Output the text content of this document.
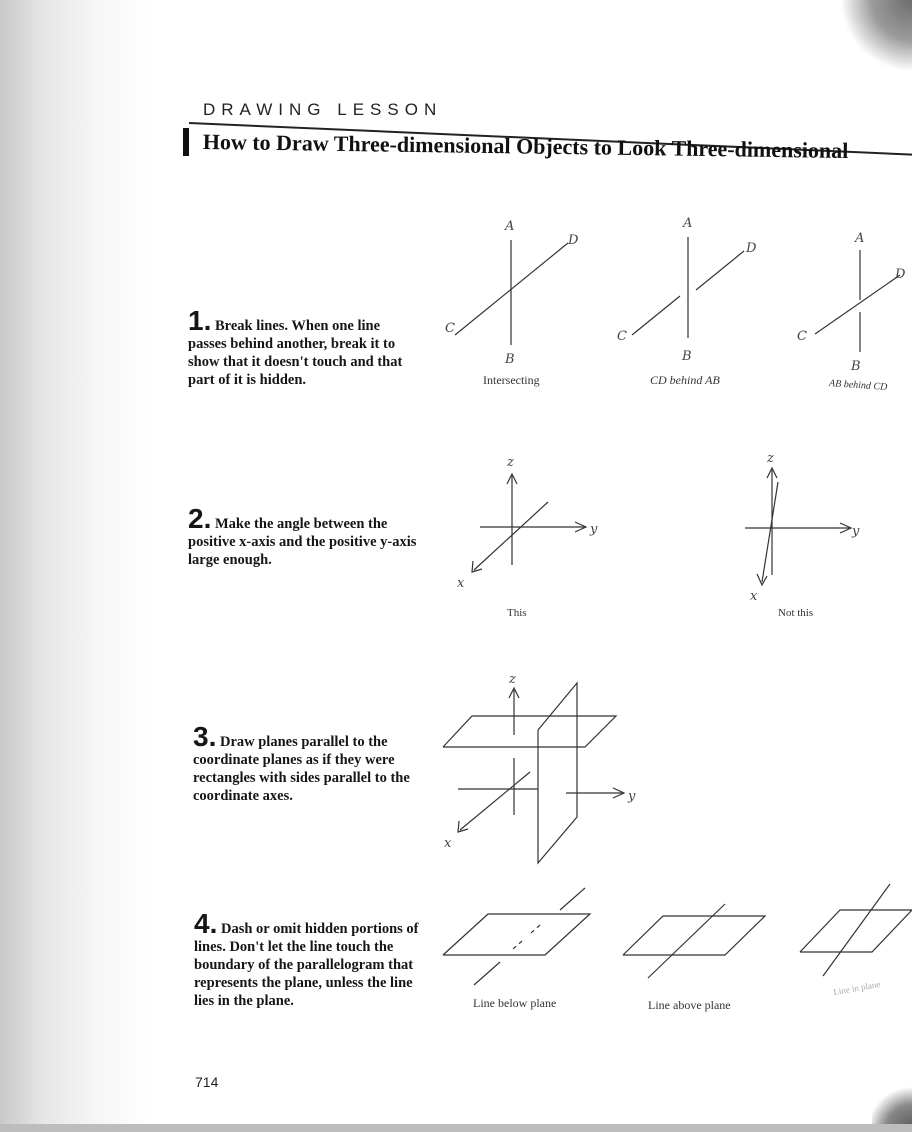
DRAWING LESSON
How to Draw Three-dimensional Objects to Look Three-dimensional
1. Break lines. When one line passes behind another, break it to show that it doesn't touch and that part of it is hidden.
2. Make the angle between the positive x-axis and the positive y-axis large enough.
3. Draw planes parallel to the coordinate planes as if they were rectangles with sides parallel to the coordinate axes.
4. Dash or omit hidden portions of lines. Don't let the line touch the boundary of the parallelogram that represents the plane, unless the line lies in the plane.
A
D
C
B
A
D
C
B
A
D
C
B
z
y
x
z
y
x
z
y
x
Intersecting	CD behind AB	AB behind CD
This	Not this
Line below plane	Line above plane
Line in plane
714
